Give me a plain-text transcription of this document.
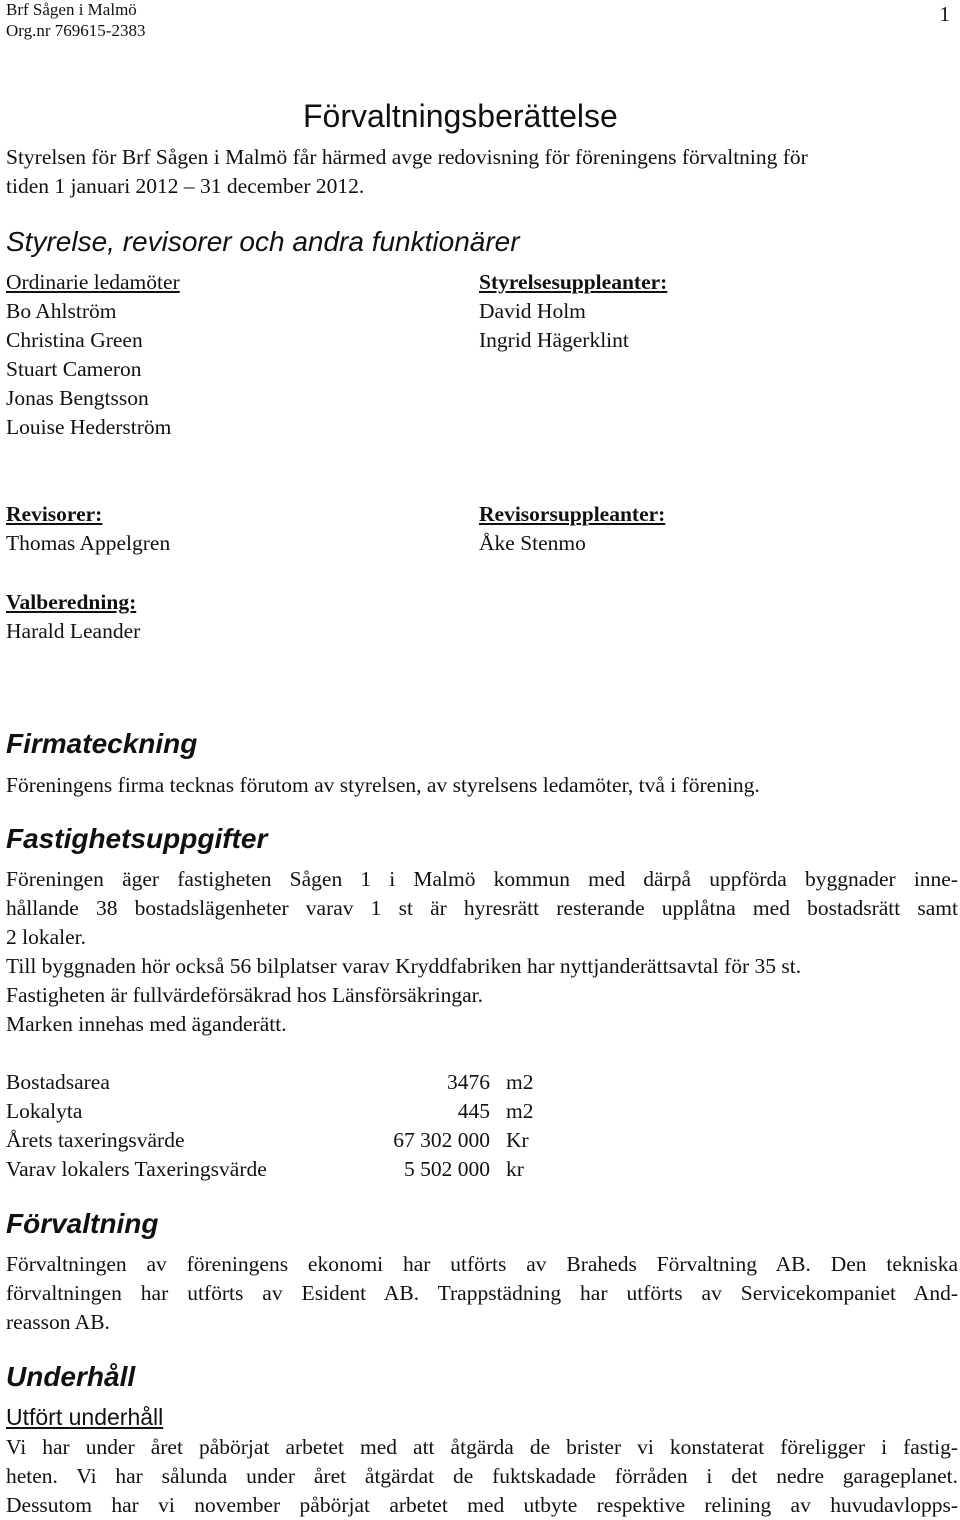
Brf Sågen i Malmö
Org.nr 769615-2383
1
Förvaltningsberättelse
Styrelsen för Brf Sågen i Malmö får härmed avge redovisning för föreningens förvaltning för
tiden 1 januari 2012 – 31 december 2012.
Styrelse, revisorer och andra funktionärer
Ordinarie ledamöter
Bo Ahlström
Christina Green
Stuart Cameron
Jonas Bengtsson
Louise Hederström
Styrelsesuppleanter:
David Holm
Ingrid Hägerklint
Revisorer:
Thomas Appelgren
Revisorsuppleanter:
Åke Stenmo
Valberedning:
Harald Leander
Firmateckning
Föreningens firma tecknas förutom av styrelsen, av styrelsens ledamöter, två i förening.
Fastighetsuppgifter
Föreningen äger fastigheten Sågen 1 i Malmö kommun med därpå uppförda byggnader inne-
hållande 38 bostadslägenheter varav 1 st är hyresrätt resterande upplåtna med bostadsrätt samt
2 lokaler.
Till byggnaden hör också 56 bilplatser varav Kryddfabriken har nyttjanderättsavtal för 35 st.
Fastigheten är fullvärdeförsäkrad hos Länsförsäkringar.
Marken innehas med äganderätt.
Bostadsarea	3476 m2
Lokalyta	445 m2
Årets taxeringsvärde	67 302 000 Kr
Varav lokalers Taxeringsvärde	5 502 000 kr
Förvaltning
Förvaltningen av föreningens ekonomi har utförts av Braheds Förvaltning AB. Den tekniska
förvaltningen har utförts av Esident AB. Trappstädning har utförts av Servicekompaniet And-
reasson AB.
Underhåll
Utfört underhåll
Vi har under året påbörjat arbetet med att åtgärda de brister vi konstaterat föreligger i fastig-
heten. Vi har sålunda under året åtgärdat de fuktskadade förråden i det nedre garageplanet.
Dessutom har vi november påbörjat arbetet med utbyte respektive relining av huvudavlopps-
